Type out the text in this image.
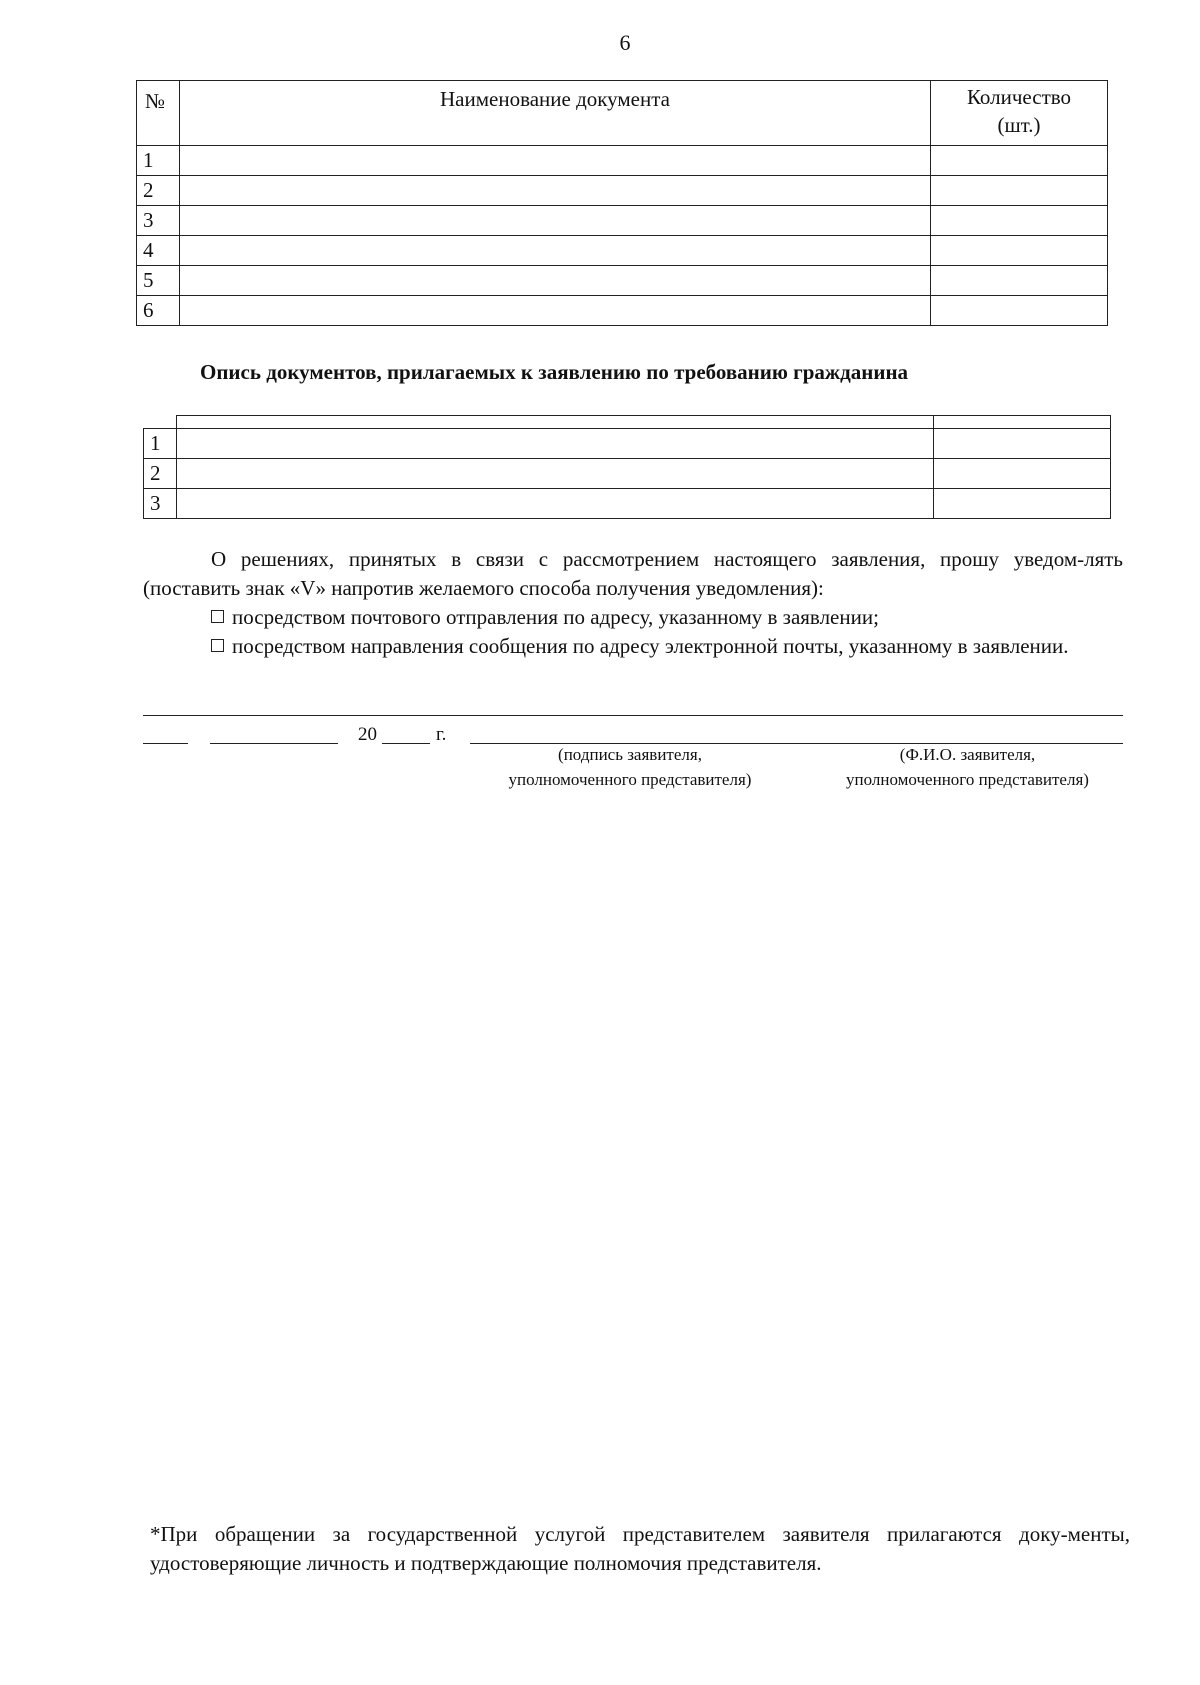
6
№	Наименование документа	Количество
(шт.)

1		
2		
3		
4		
5		
6		
Опись документов, прилагаемых к заявлению по требованию гражданина

1		
2		
3		
О решениях, принятых в связи с рассмотрением настоящего заявления, прошу уведом-лять (поставить знак «V» напротив желаемого способа получения уведомления):
посредством почтового отправления по адресу, указанному в заявлении;
посредством направления сообщения по адресу электронной почты, указанному в заявлении.
20	г.
(подпись заявителя,
уполномоченного представителя)
(Ф.И.О. заявителя,
уполномоченного представителя)
*При обращении за государственной услугой представителем заявителя прилагаются доку-менты, удостоверяющие личность и подтверждающие полномочия представителя.
